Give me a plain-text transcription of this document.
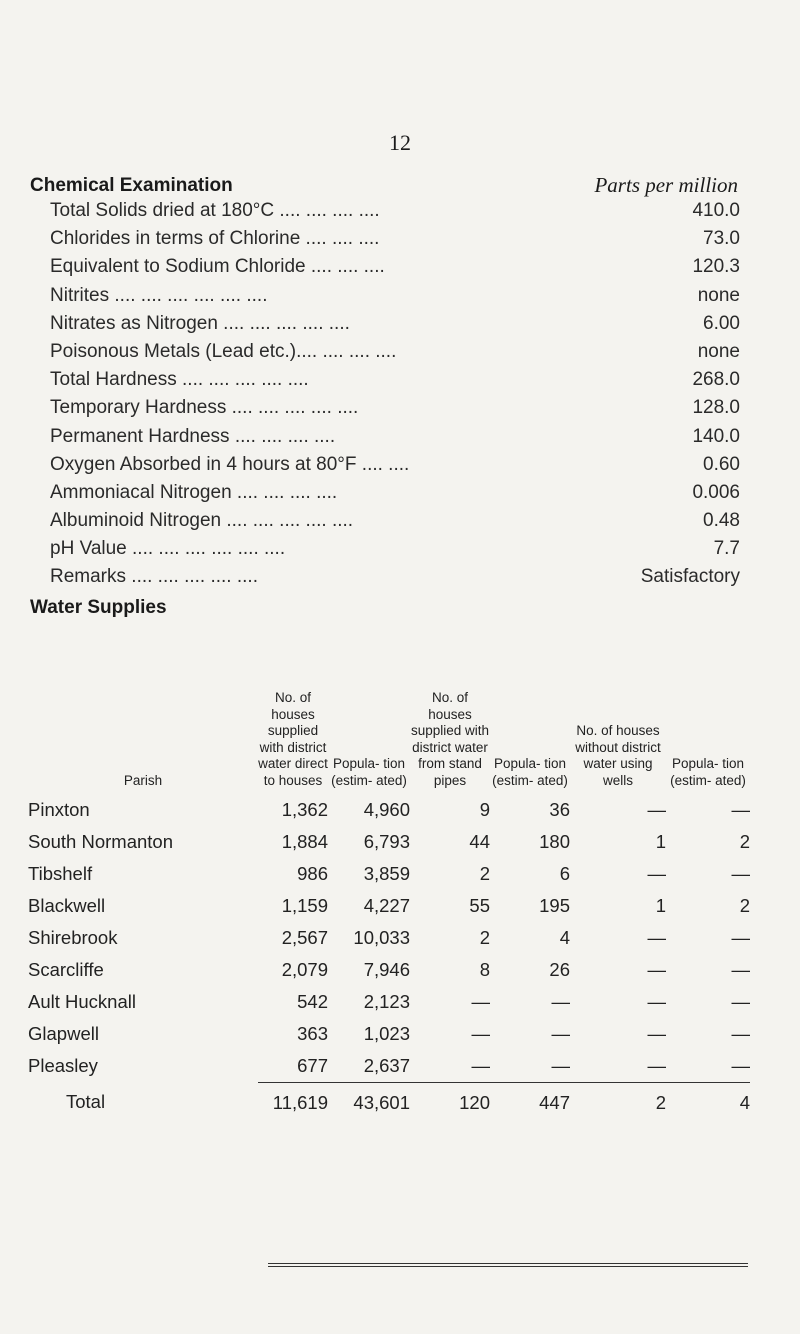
12
Chemical Examination	Parts per million
Total Solids dried at 180°C .... .... .... ....	410.0
Chlorides in terms of Chlorine .... .... ....	73.0
Equivalent to Sodium Chloride .... .... ....	120.3
Nitrites .... .... .... .... .... ....	none
Nitrates as Nitrogen .... .... .... .... ....	6.00
Poisonous Metals (Lead etc.).... .... .... ....	none
Total Hardness .... .... .... .... ....	268.0
Temporary Hardness .... .... .... .... ....	128.0
Permanent Hardness .... .... .... ....	140.0
Oxygen Absorbed in 4 hours at 80°F .... ....	0.60
Ammoniacal Nitrogen .... .... .... ....	0.006
Albuminoid Nitrogen .... .... .... .... ....	0.48
pH Value .... .... .... .... .... ....	7.7
Remarks .... .... .... .... ....	Satisfactory
Water Supplies
Parish	No. of houses supplied with district water direct to houses	Popula- tion (estim- ated)	No. of houses supplied with district water from stand pipes	Popula- tion (estim- ated)	No. of houses without district water using wells	Popula- tion (estim- ated)
Pinxton	1,362	4,960	9	36	—	—
South Normanton	1,884	6,793	44	180	1	2
Tibshelf	986	3,859	2	6	—	—
Blackwell	1,159	4,227	55	195	1	2
Shirebrook	2,567	10,033	2	4	—	—
Scarcliffe	2,079	7,946	8	26	—	—
Ault Hucknall	542	2,123	—	—	—	—
Glapwell	363	1,023	—	—	—	—
Pleasley	677	2,637	—	—	—	—
Total	11,619	43,601	120	447	2	4
